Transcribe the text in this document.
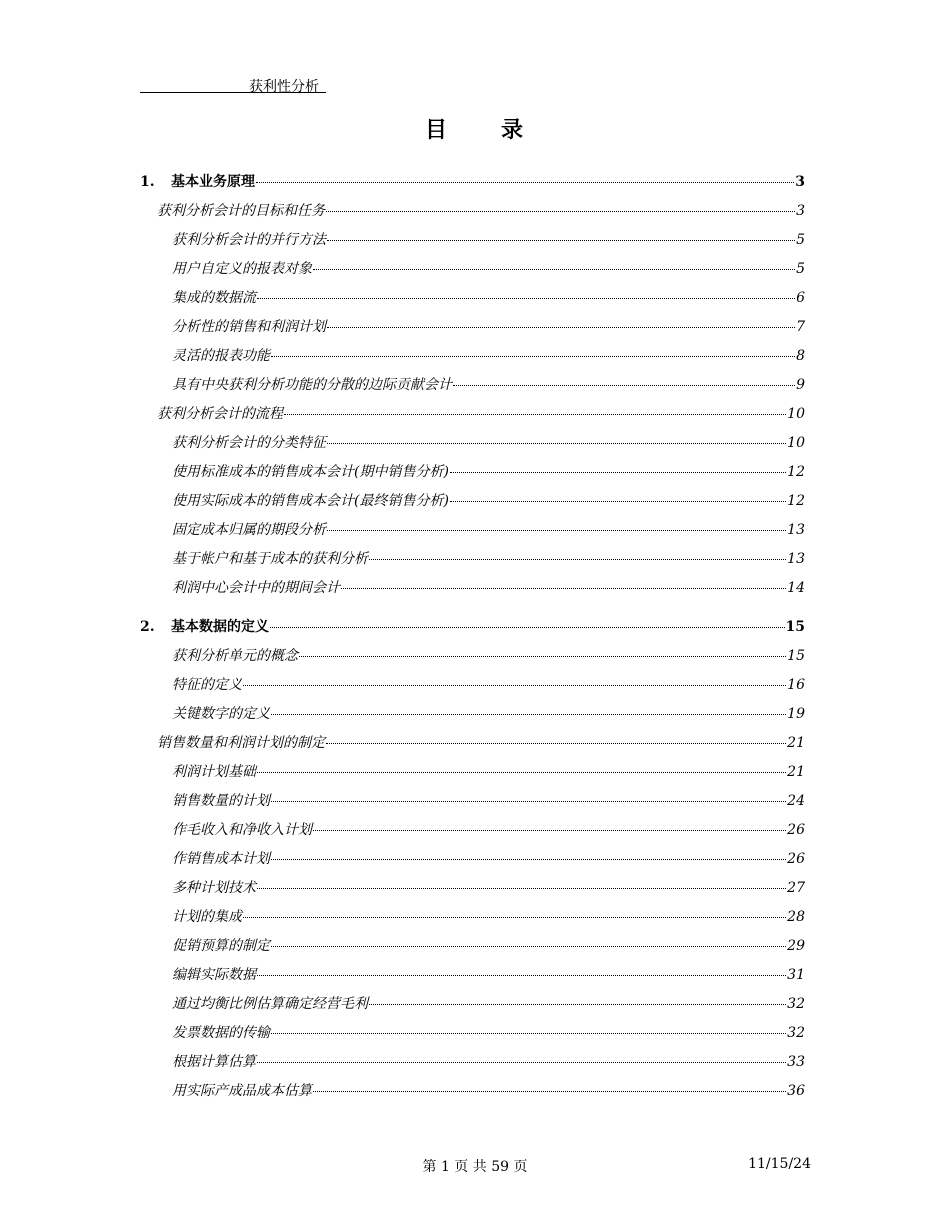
获利性分析
目 录
1.	基本业务原理	3
获利分析会计的目标和任务	3
获利分析会计的并行方法	5
用户自定义的报表对象	5
集成的数据流	6
分析性的销售和利润计划	7
灵活的报表功能	8
具有中央获利分析功能的分散的边际贡献会计	9
获利分析会计的流程	10
获利分析会计的分类特征	10
使用标准成本的销售成本会计(期中销售分析)	12
使用实际成本的销售成本会计(最终销售分析)	12
固定成本归属的期段分析	13
基于帐户和基于成本的获利分析	13
利润中心会计中的期间会计	14
2.	基本数据的定义	15
获利分析单元的概念	15
特征的定义	16
关键数字的定义	19
销售数量和利润计划的制定	21
利润计划基础	21
销售数量的计划	24
作毛收入和净收入计划	26
作销售成本计划	26
多种计划技术	27
计划的集成	28
促销预算的制定	29
编辑实际数据	31
通过均衡比例估算确定经营毛利	32
发票数据的传输	32
根据计算估算	33
用实际产成品成本估算	36
第 1 页 共 59 页	11/15/24
